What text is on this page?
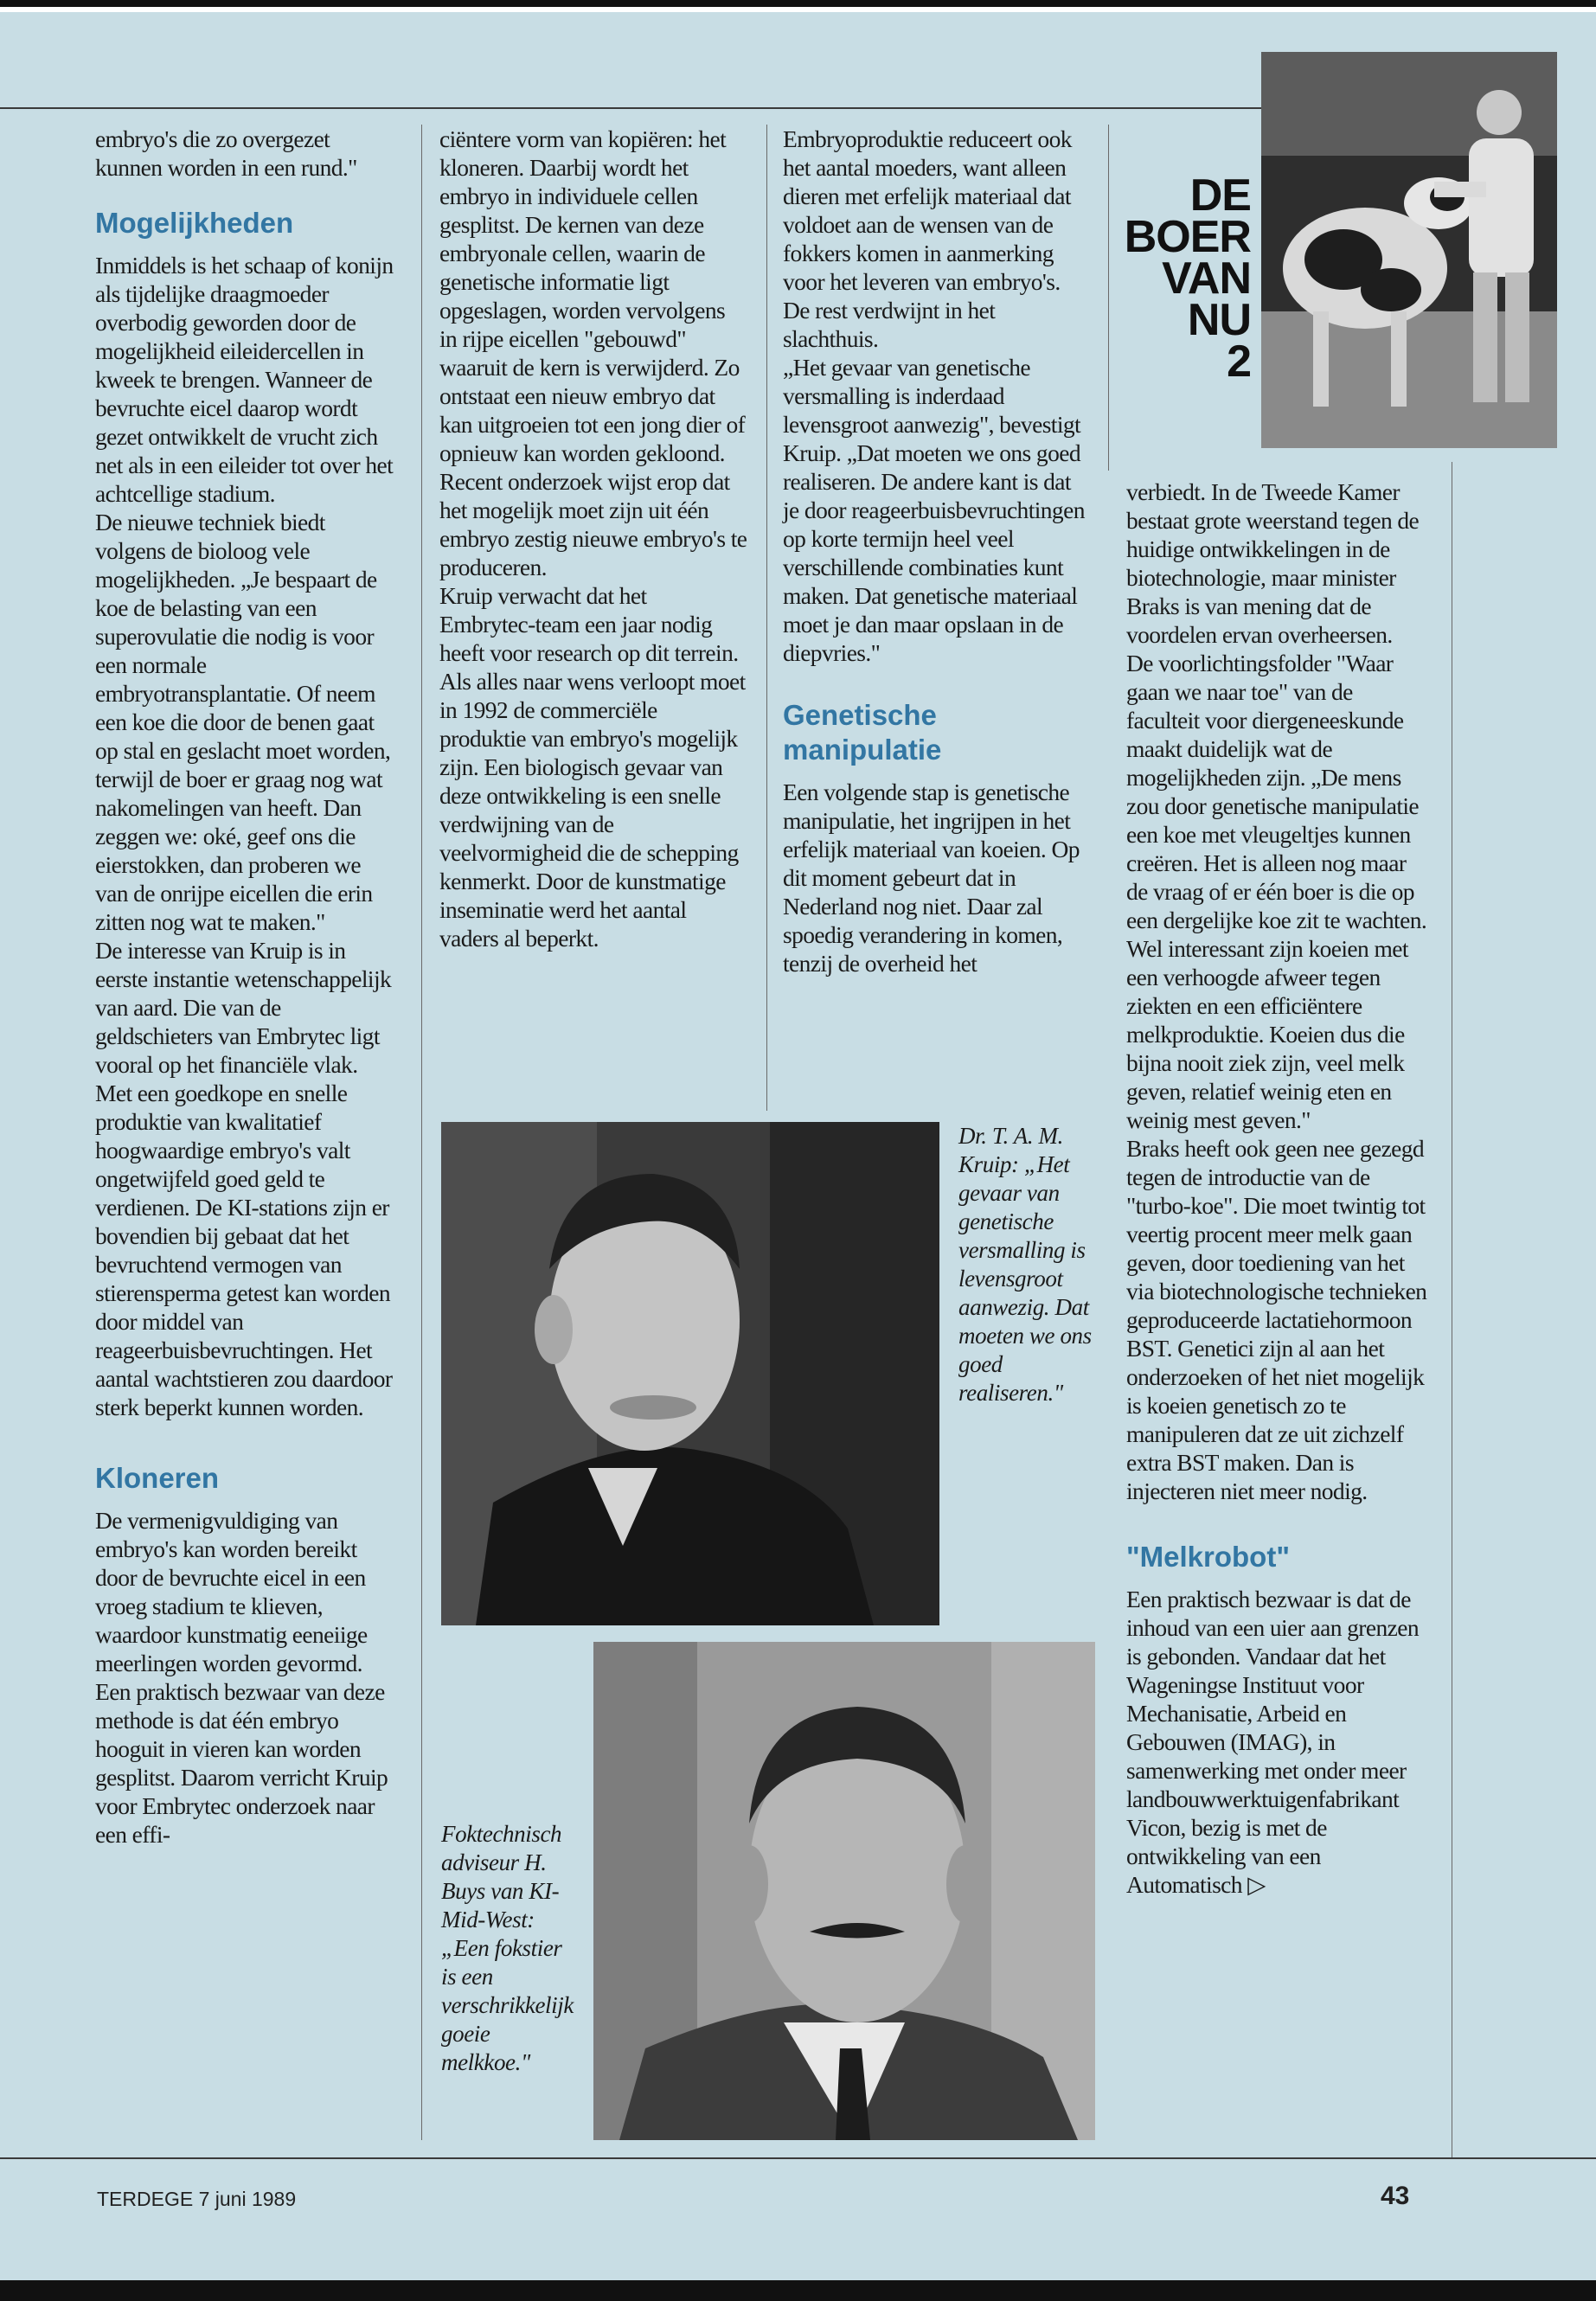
embryo's die zo overgezet kunnen worden in een rund."

Mogelijkheden

Inmiddels is het schaap of konijn als tijdelijke draagmoeder overbodig geworden door de mogelijkheid eileidercellen in kweek te brengen. Wanneer de bevruchte eicel daarop wordt gezet ontwikkelt de vrucht zich net als in een eileider tot over het achtcellige stadium.

De nieuwe techniek biedt volgens de bioloog vele mogelijkheden. „Je bespaart de koe de belasting van een superovulatie die nodig is voor een normale embryotransplantatie. Of neem een koe die door de benen gaat op stal en geslacht moet worden, terwijl de boer er graag nog wat nakomelingen van heeft. Dan zeggen we: oké, geef ons die eierstokken, dan proberen we van de onrijpe eicellen die erin zitten nog wat te maken."

De interesse van Kruip is in eerste instantie wetenschappelijk van aard. Die van de geldschieters van Embrytec ligt vooral op het financiële vlak. Met een goedkope en snelle produktie van kwalitatief hoogwaardige embryo's valt ongetwijfeld goed geld te verdienen. De KI-stations zijn er bovendien bij gebaat dat het bevruchtend vermogen van stierensperma getest kan worden door middel van reageerbuisbevruchtingen. Het aantal wachtstieren zou daardoor sterk beperkt kunnen worden.

Kloneren

De vermenigvuldiging van embryo's kan worden bereikt door de bevruchte eicel in een vroeg stadium te klieven, waardoor kunstmatig eeneiige meerlingen worden gevormd. Een praktisch bezwaar van deze methode is dat één embryo hooguit in vieren kan worden gesplitst. Daarom verricht Kruip voor Embrytec onderzoek naar een effi-

ciëntere vorm van kopiëren: het kloneren. Daarbij wordt het embryo in individuele cellen gesplitst. De kernen van deze embryonale cellen, waarin de genetische informatie ligt opgeslagen, worden vervolgens in rijpe eicellen "gebouwd" waaruit de kern is verwijderd. Zo ontstaat een nieuw embryo dat kan uitgroeien tot een jong dier of opnieuw kan worden gekloond. Recent onderzoek wijst erop dat het mogelijk moet zijn uit één embryo zestig nieuwe embryo's te produceren.

Kruip verwacht dat het Embrytec-team een jaar nodig heeft voor research op dit terrein. Als alles naar wens verloopt moet in 1992 de commerciële produktie van embryo's mogelijk zijn. Een biologisch gevaar van deze ontwikkeling is een snelle verdwijning van de veelvormigheid die de schepping kenmerkt. Door de kunstmatige inseminatie werd het aantal vaders al beperkt.

Embryoproduktie reduceert ook het aantal moeders, want alleen dieren met erfelijk materiaal dat voldoet aan de wensen van de fokkers komen in aanmerking voor het leveren van embryo's. De rest verdwijnt in het slachthuis.

„Het gevaar van genetische versmalling is inderdaad levensgroot aanwezig", bevestigt Kruip. „Dat moeten we ons goed realiseren. De andere kant is dat je door reageerbuisbevruchtingen op korte termijn heel veel verschillende combinaties kunt maken. Dat genetische materiaal moet je dan maar opslaan in de diepvries."

Genetische manipulatie

Een volgende stap is genetische manipulatie, het ingrijpen in het erfelijk materiaal van koeien. Op dit moment gebeurt dat in Nederland nog niet. Daar zal spoedig verandering in komen, tenzij de overheid het

verbiedt. In de Tweede Kamer bestaat grote weerstand tegen de huidige ontwikkelingen in de biotechnologie, maar minister Braks is van mening dat de voordelen ervan overheersen.

De voorlichtingsfolder "Waar gaan we naar toe" van de faculteit voor diergeneeskunde maakt duidelijk wat de mogelijkheden zijn. „De mens zou door genetische manipulatie een koe met vleugeltjes kunnen creëren. Het is alleen nog maar de vraag of er één boer is die op een dergelijke koe zit te wachten. Wel interessant zijn koeien met een verhoogde afweer tegen ziekten en een efficiëntere melkproduktie. Koeien dus die bijna nooit ziek zijn, veel melk geven, relatief weinig eten en weinig mest geven."

Braks heeft ook geen nee gezegd tegen de introductie van de "turbo-koe". Die moet twintig tot veertig procent meer melk gaan geven, door toediening van het via biotechnologische technieken geproduceerde lactatiehormoon BST. Genetici zijn al aan het onderzoeken of het niet mogelijk is koeien genetisch zo te manipuleren dat ze uit zichzelf extra BST maken. Dan is injecteren niet meer nodig.

"Melkrobot"

Een praktisch bezwaar is dat de inhoud van een uier aan grenzen is gebonden. Vandaar dat het Wageningse Instituut voor Mechanisatie, Arbeid en Gebouwen (IMAG), in samenwerking met onder meer landbouwwerktuigenfabrikant Vicon, bezig is met de ontwikkeling van een Automatisch ▷

DE
BOER
VAN
NU
2
Dr. T. A. M. Kruip: „Het gevaar van genetische versmalling is levensgroot aanwezig. Dat moeten we ons goed realiseren."
Foktechnisch adviseur H. Buys van KI-Mid-West: „Een fokstier is een verschrikkelijk goeie melkkoe."
TERDEGE 7 juni 1989	43
